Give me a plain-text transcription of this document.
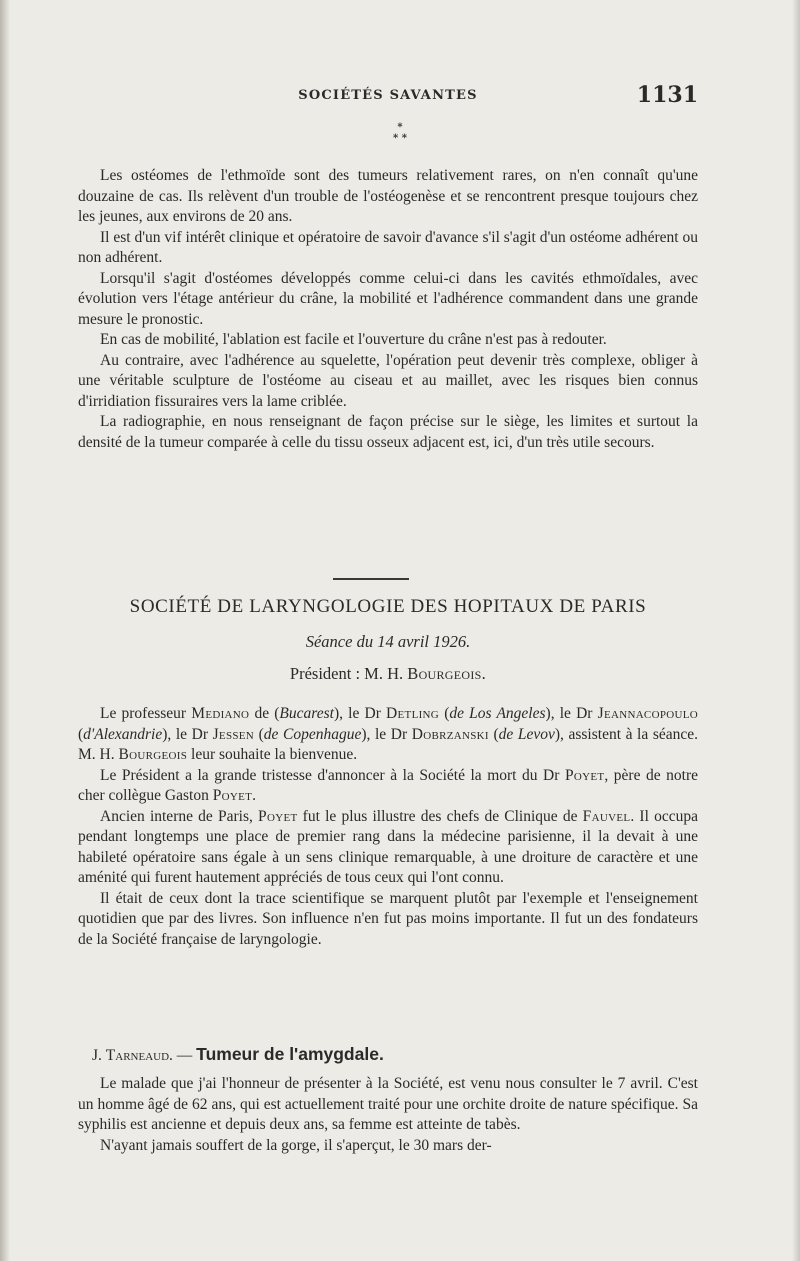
SOCIÉTÉS SAVANTES	1131
*
* *

Les ostéomes de l'ethmoïde sont des tumeurs relativement rares, on n'en connaît qu'une douzaine de cas. Ils relèvent d'un trouble de l'ostéogenèse et se rencontrent presque toujours chez les jeunes, aux environs de 20 ans.

Il est d'un vif intérêt clinique et opératoire de savoir d'avance s'il s'agit d'un ostéome adhérent ou non adhérent.

Lorsqu'il s'agit d'ostéomes développés comme celui-ci dans les cavités ethmoïdales, avec évolution vers l'étage antérieur du crâne, la mobilité et l'adhérence commandent dans une grande mesure le pronostic.

En cas de mobilité, l'ablation est facile et l'ouverture du crâne n'est pas à redouter.

Au contraire, avec l'adhérence au squelette, l'opération peut devenir très complexe, obliger à une véritable sculpture de l'ostéome au ciseau et au maillet, avec les risques bien connus d'irridiation fissuraires vers la lame criblée.

La radiographie, en nous renseignant de façon précise sur le siège, les limites et surtout la densité de la tumeur comparée à celle du tissu osseux adjacent est, ici, d'un très utile secours.

SOCIÉTÉ DE LARYNGOLOGIE DES HOPITAUX DE PARIS
Séance du 14 avril 1926.
Président : M. H. Bourgeois.

Le professeur Mediano de (Bucarest), le Dr Detling (de Los Angeles), le Dr Jeannacopoulo (d'Alexandrie), le Dr Jessen (de Copenhague), le Dr Dobrzanski (de Levov), assistent à la séance. M. H. Bourgeois leur souhaite la bienvenue.

Le Président a la grande tristesse d'annoncer à la Société la mort du Dr Poyet, père de notre cher collègue Gaston Poyet.

Ancien interne de Paris, Poyet fut le plus illustre des chefs de Clinique de Fauvel. Il occupa pendant longtemps une place de premier rang dans la médecine parisienne, il la devait à une habileté opératoire sans égale à un sens clinique remarquable, à une droiture de caractère et une aménité qui furent hautement appréciés de tous ceux qui l'ont connu.

Il était de ceux dont la trace scientifique se marquent plutôt par l'exemple et l'enseignement quotidien que par des livres. Son influence n'en fut pas moins importante. Il fut un des fondateurs de la Société française de laryngologie.

J. Tarneaud. — Tumeur de l'amygdale.

Le malade que j'ai l'honneur de présenter à la Société, est venu nous consulter le 7 avril. C'est un homme âgé de 62 ans, qui est actuellement traité pour une orchite droite de nature spécifique. Sa syphilis est ancienne et depuis deux ans, sa femme est atteinte de tabès.

N'ayant jamais souffert de la gorge, il s'aperçut, le 30 mars der-
